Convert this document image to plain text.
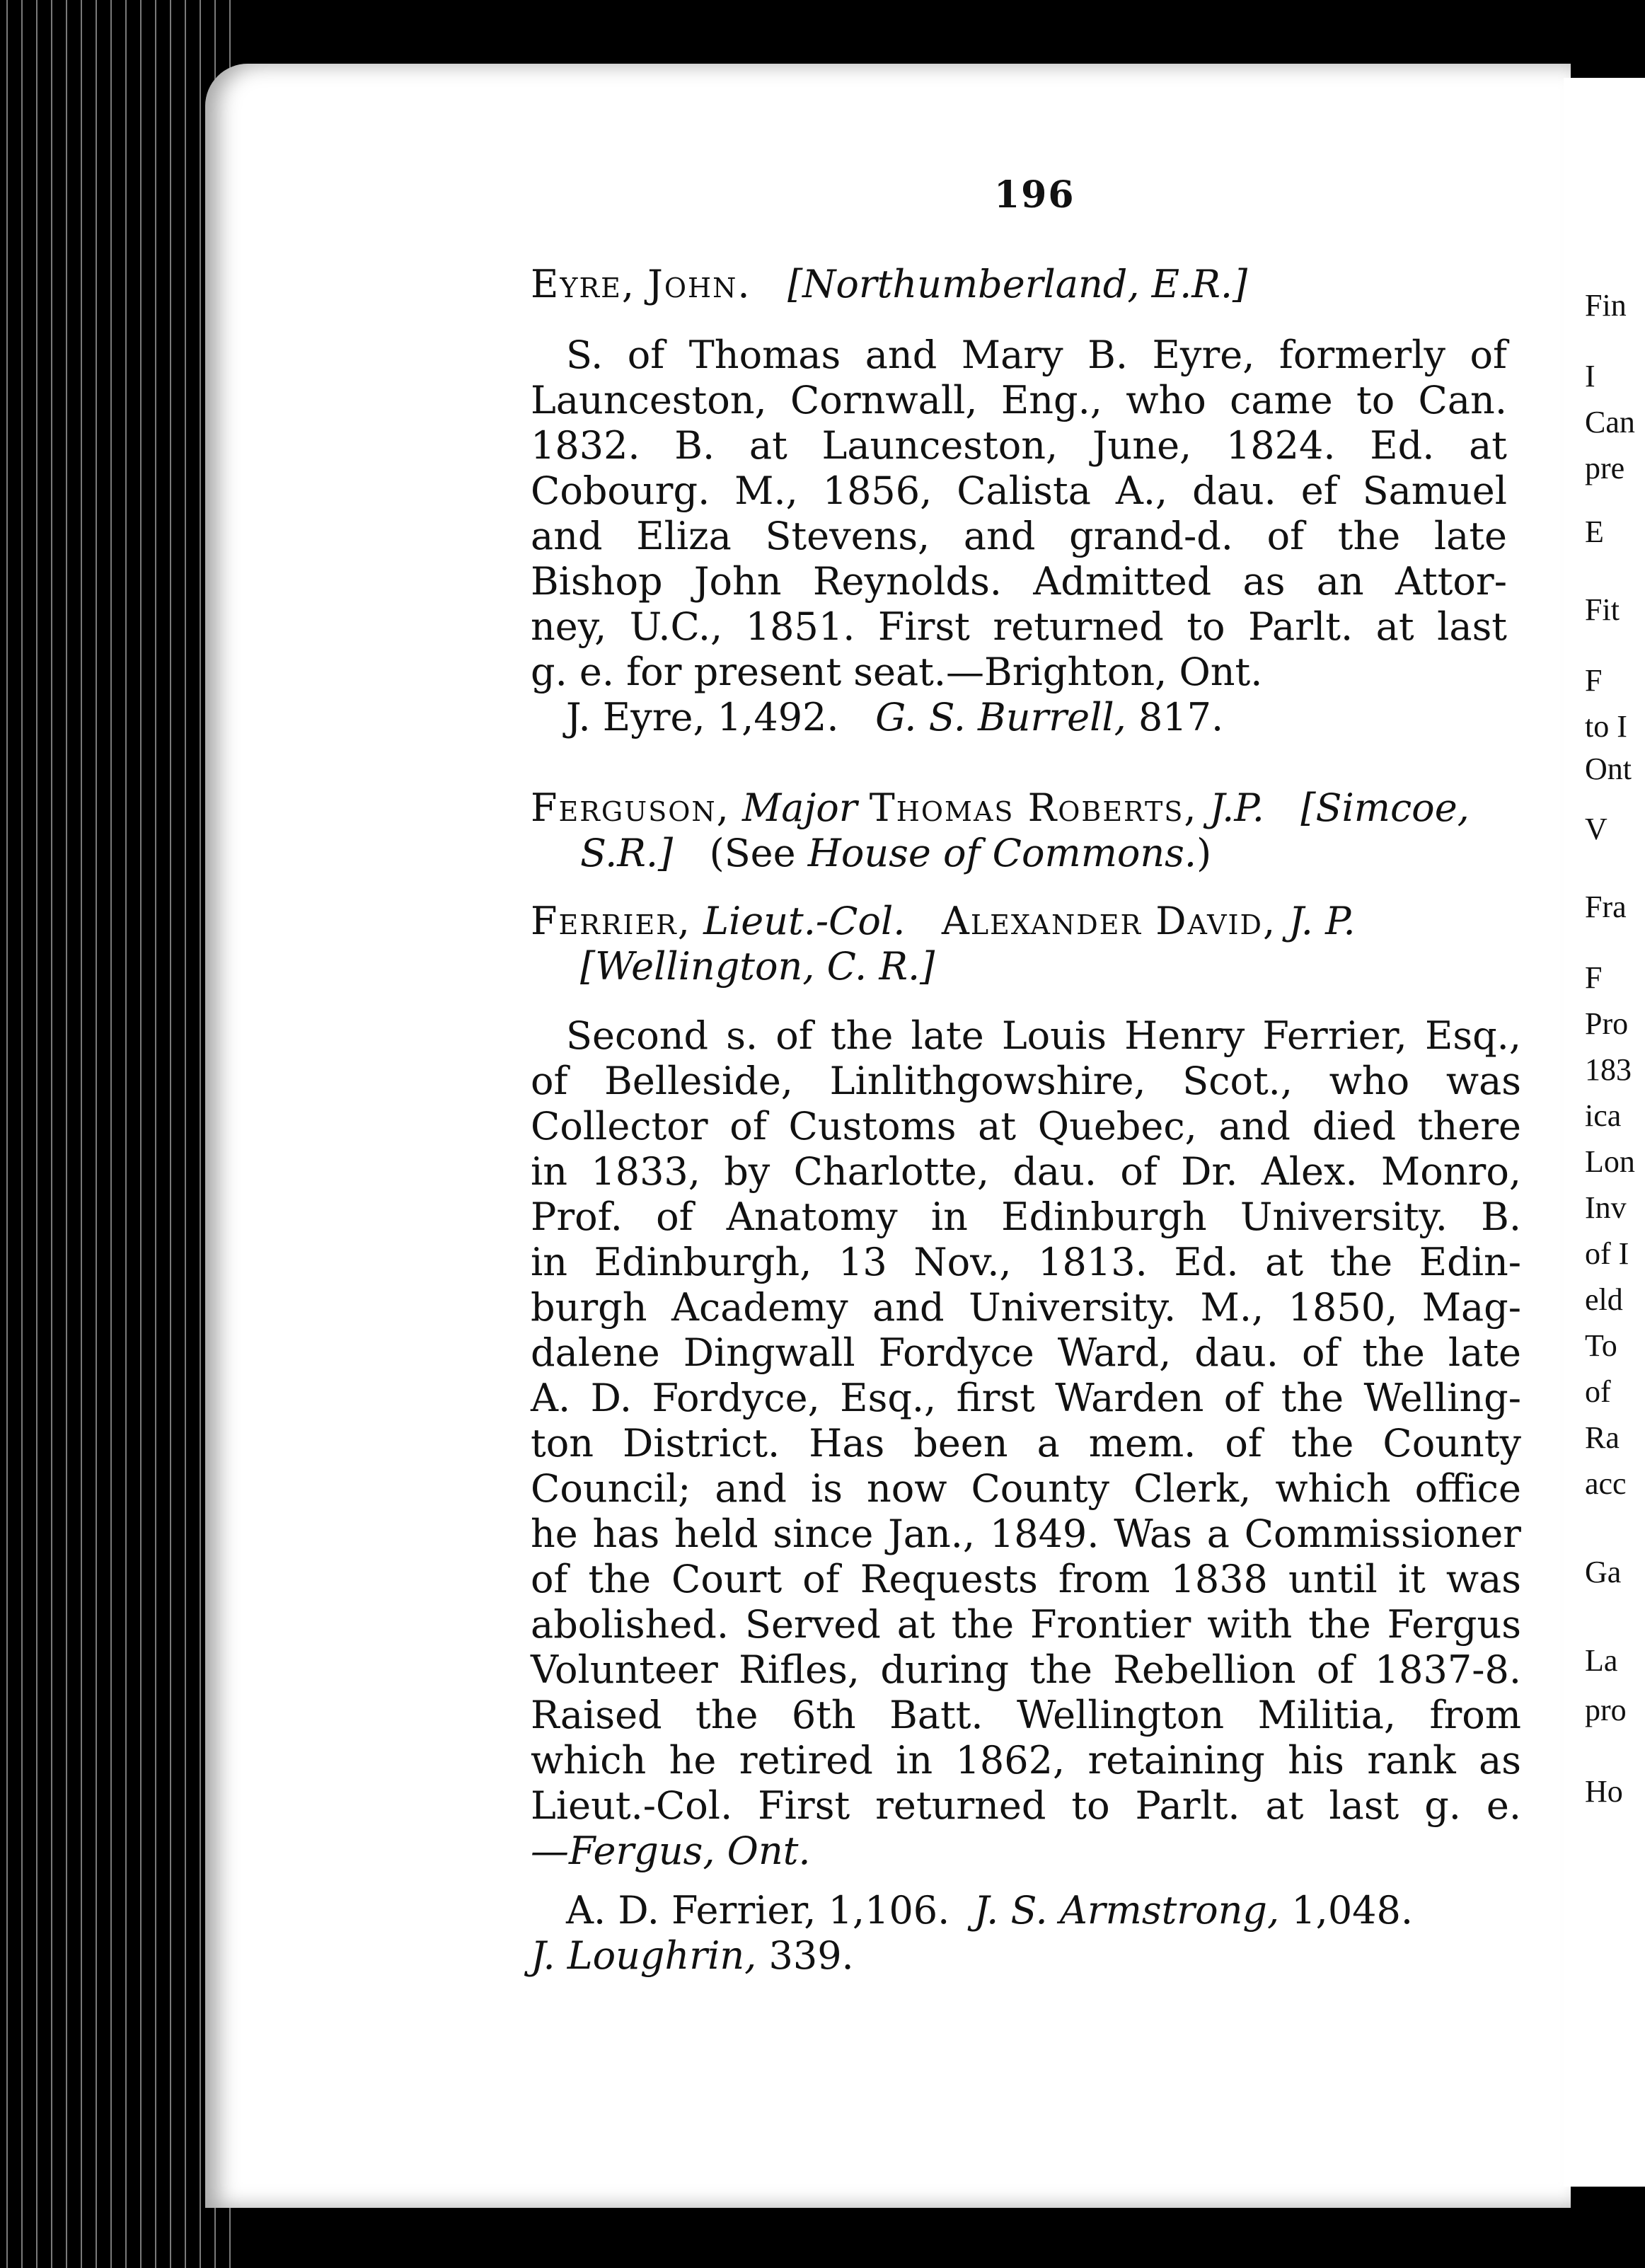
Fin
I
Can
pre
E
Fit
F
to I
Ont
V
Fra
F
Pro
183
ica
Lon
Inv
of I
eld
To
of
Ra
acc
Ga
La
pro
Ho
196
Eyre, John. [Northumberland, E.R.]
S. of Thomas and Mary B. Eyre, formerly of
Launceston, Cornwall, Eng., who came to Can.
1832. B. at Launceston, June, 1824. Ed. at
Cobourg. M., 1856, Calista A., dau. ef Samuel
and Eliza Stevens, and grand-d. of the late
Bishop John Reynolds. Admitted as an Attor-
ney, U.C., 1851. First returned to Parlt. at last
g. e. for present seat.—Brighton, Ont.
J. Eyre, 1,492. G. S. Burrell, 817.
Ferguson, Major Thomas Roberts, J.P. [Simcoe,
S.R.] (See House of Commons.)
Ferrier, Lieut.-Col. Alexander David, J. P.
[Wellington, C. R.]
Second s. of the late Louis Henry Ferrier, Esq.,
of Belleside, Linlithgowshire, Scot., who was
Collector of Customs at Quebec, and died there
in 1833, by Charlotte, dau. of Dr. Alex. Monro,
Prof. of Anatomy in Edinburgh University. B.
in Edinburgh, 13 Nov., 1813. Ed. at the Edin-
burgh Academy and University. M., 1850, Mag-
dalene Dingwall Fordyce Ward, dau. of the late
A. D. Fordyce, Esq., first Warden of the Welling-
ton District. Has been a mem. of the County
Council; and is now County Clerk, which office
he has held since Jan., 1849. Was a Commissioner
of the Court of Requests from 1838 until it was
abolished. Served at the Frontier with the Fergus
Volunteer Rifles, during the Rebellion of 1837-8.
Raised the 6th Batt. Wellington Militia, from
which he retired in 1862, retaining his rank as
Lieut.-Col. First returned to Parlt. at last g. e.
—Fergus, Ont.
A. D. Ferrier, 1,106. J. S. Armstrong, 1,048.
J. Loughrin, 339.
